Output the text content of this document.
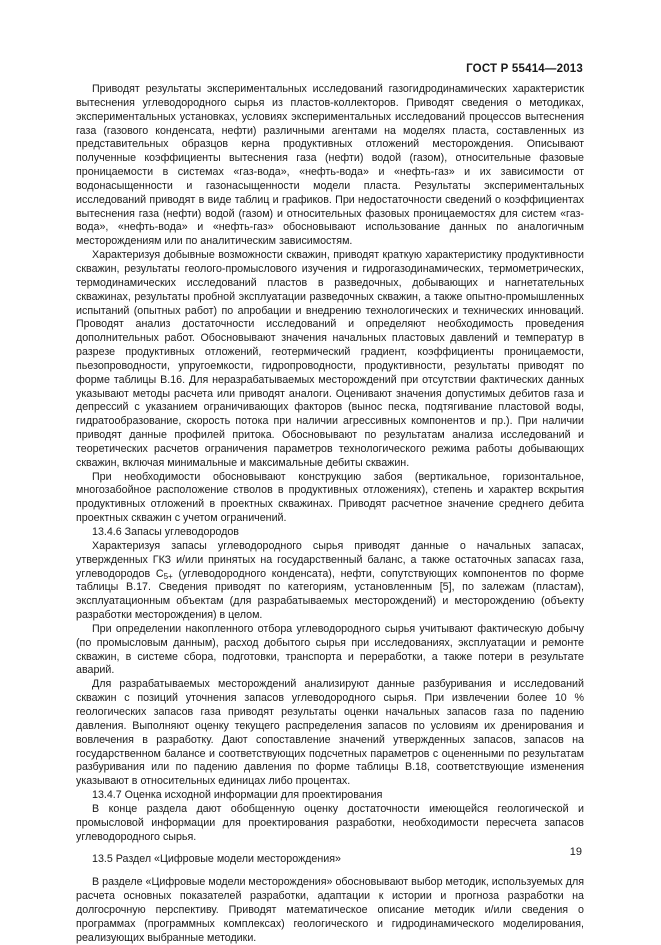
ГОСТ Р 55414—2013

Приводят результаты экспериментальных исследований газогидродинамических характеристик вытеснения углеводородного сырья из пластов-коллекторов. Приводят сведения о методиках, экспериментальных установках, условиях экспериментальных исследований процессов вытеснения газа (газового конденсата, нефти) различными агентами на моделях пласта, составленных из представительных образцов керна продуктивных отложений месторождения. Описывают полученные коэффициенты вытеснения газа (нефти) водой (газом), относительные фазовые проницаемости в системах «газ-вода», «нефть-вода» и «нефть-газ» и их зависимости от водонасыщенности и газонасыщенности модели пласта. Результаты экспериментальных исследований приводят в виде таблиц и графиков. При недостаточности сведений о коэффициентах вытеснения газа (нефти) водой (газом) и относительных фазовых проницаемостях для систем «газ-вода», «нефть-вода» и «нефть-газ» обосновывают использование данных по аналогичным месторождениям или по аналитическим зависимостям.

Характеризуя добывные возможности скважин, приводят краткую характеристику продуктивности скважин, результаты геолого-промыслового изучения и гидрогазодинамических, термометрических, термодинамических исследований пластов в разведочных, добывающих и нагнетательных скважинах, результаты пробной эксплуатации разведочных скважин, а также опытно-промышленных испытаний (опытных работ) по апробации и внедрению технологических и технических инноваций. Проводят анализ достаточности исследований и определяют необходимость проведения дополнительных работ. Обосновывают значения начальных пластовых давлений и температур в разрезе продуктивных отложений, геотермический градиент, коэффициенты проницаемости, пьезопроводности, упругоемкости, гидропроводности, продуктивности, результаты приводят по форме таблицы В.16. Для неразрабатываемых месторождений при отсутствии фактических данных указывают методы расчета или приводят аналоги. Оценивают значения допустимых дебитов газа и депрессий с указанием ограничивающих факторов (вынос песка, подтягивание пластовой воды, гидратообразование, скорость потока при наличии агрессивных компонентов и пр.). При наличии приводят данные профилей притока. Обосновывают по результатам анализа исследований и теоретических расчетов ограничения параметров технологического режима работы добывающих скважин, включая минимальные и максимальные дебиты скважин.

При необходимости обосновывают конструкцию забоя (вертикальное, горизонтальное, многозабойное расположение стволов в продуктивных отложениях), степень и характер вскрытия продуктивных отложений в проектных скважинах. Приводят расчетное значение среднего дебита проектных скважин с учетом ограничений.

13.4.6 Запасы углеводородов

Характеризуя запасы углеводородного сырья приводят данные о начальных запасах, утвержденных ГКЗ и/или принятых на государственный баланс, а также остаточных запасах газа, углеводородов $C_{5+}$ (углеводородного конденсата), нефти, сопутствующих компонентов по форме таблицы В.17. Сведения приводят по категориям, установленным [5], по залежам (пластам), эксплуатационным объектам (для разрабатываемых месторождений) и месторождению (объекту разработки месторождения) в целом.

При определении накопленного отбора углеводородного сырья учитывают фактическую добычу (по промысловым данным), расход добытого сырья при исследованиях, эксплуатации и ремонте скважин, в системе сбора, подготовки, транспорта и переработки, а также потери в результате аварий.

Для разрабатываемых месторождений анализируют данные разбуривания и исследований скважин с позиций уточнения запасов углеводородного сырья. При извлечении более 10 % геологических запасов газа приводят результаты оценки начальных запасов газа по падению давления. Выполняют оценку текущего распределения запасов по условиям их дренирования и вовлечения в разработку. Дают сопоставление значений утвержденных запасов, запасов на государственном балансе и соответствующих подсчетных параметров с оцененными по результатам разбуривания или по падению давления по форме таблицы В.18, соответствующие изменения указывают в относительных единицах либо процентах.

13.4.7 Оценка исходной информации для проектирования

В конце раздела дают обобщенную оценку достаточности имеющейся геологической и промысловой информации для проектирования разработки, необходимости пересчета запасов углеводородного сырья.

13.5 Раздел «Цифровые модели месторождения»

В разделе «Цифровые модели месторождения» обосновывают выбор методик, используемых для расчета основных показателей разработки, адаптации к истории и прогноза разработки на долгосрочную перспективу. Приводят математическое описание методик и/или сведения о программах (программных комплексах) геологического и гидродинамического моделирования, реализующих выбранные методики.

19
